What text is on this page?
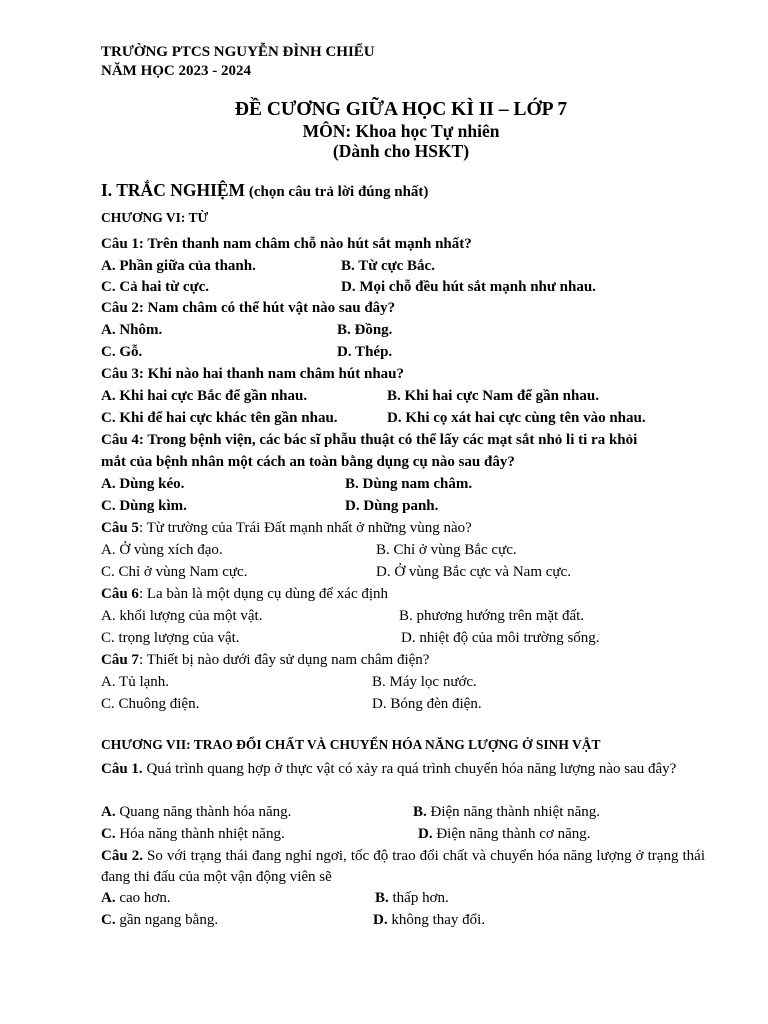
TRƯỜNG PTCS NGUYỄN ĐÌNH CHIỂU
NĂM HỌC 2023 - 2024
ĐỀ CƯƠNG GIỮA HỌC KÌ II – LỚP 7
MÔN: Khoa học Tự nhiên
(Dành cho HSKT)
I. TRẮC NGHIỆM (chọn câu trả lời đúng nhất)
CHƯƠNG VI: TỪ
Câu 1: Trên thanh nam châm chỗ nào hút sắt mạnh nhất?
A. Phần giữa của thanh.	B. Từ cực Bắc.
C. Cả hai từ cực.	D. Mọi chỗ đều hút sắt mạnh như nhau.
Câu 2: Nam châm có thể hút vật nào sau đây?
A. Nhôm.	B. Đồng.
C. Gỗ.	D. Thép.
Câu 3: Khi nào hai thanh nam châm hút nhau?
A. Khi hai cực Bắc để gần nhau.	B. Khi hai cực Nam để gần nhau.
C. Khi để hai cực khác tên gần nhau.	D. Khi cọ xát hai cực cùng tên vào nhau.
Câu 4: Trong bệnh viện, các bác sĩ phẫu thuật có thể lấy các mạt sắt nhỏ li ti ra khỏi
mắt của bệnh nhân một cách an toàn bằng dụng cụ nào sau đây?
A. Dùng kéo.	B. Dùng nam châm.
C. Dùng kìm.	D. Dùng panh.
Câu 5: Từ trường của Trái Đất mạnh nhất ở những vùng nào?
A. Ở vùng xích đạo.	B. Chỉ ở vùng Bắc cực.
C. Chỉ ở vùng Nam cực.	D. Ở vùng Bắc cực và Nam cực.
Câu 6: La bàn là một dụng cụ dùng để xác định
A. khối lượng của một vật.	B. phương hướng trên mặt đất.
C. trọng lượng của vật.	D. nhiệt độ của môi trường sống.
Câu 7: Thiết bị nào dưới đây sử dụng nam châm điện?
A. Tủ lạnh.	B. Máy lọc nước.
C. Chuông điện.	D. Bóng đèn điện.
CHƯƠNG VII: TRAO ĐỔI CHẤT VÀ CHUYỂN HÓA NĂNG LƯỢNG Ở SINH VẬT
Câu 1. Quá trình quang hợp ở thực vật có xảy ra quá trình chuyển hóa năng lượng nào sau đây?
A. Quang năng thành hóa năng.	B. Điện năng thành nhiệt năng.
C. Hóa năng thành nhiệt năng.	D. Điện năng thành cơ năng.
Câu 2. So với trạng thái đang nghỉ ngơi, tốc độ trao đổi chất và chuyển hóa năng lượng ở trạng thái đang thi đấu của một vận động viên sẽ
A. cao hơn.	B. thấp hơn.
C. gần ngang bằng.	D. không thay đổi.
